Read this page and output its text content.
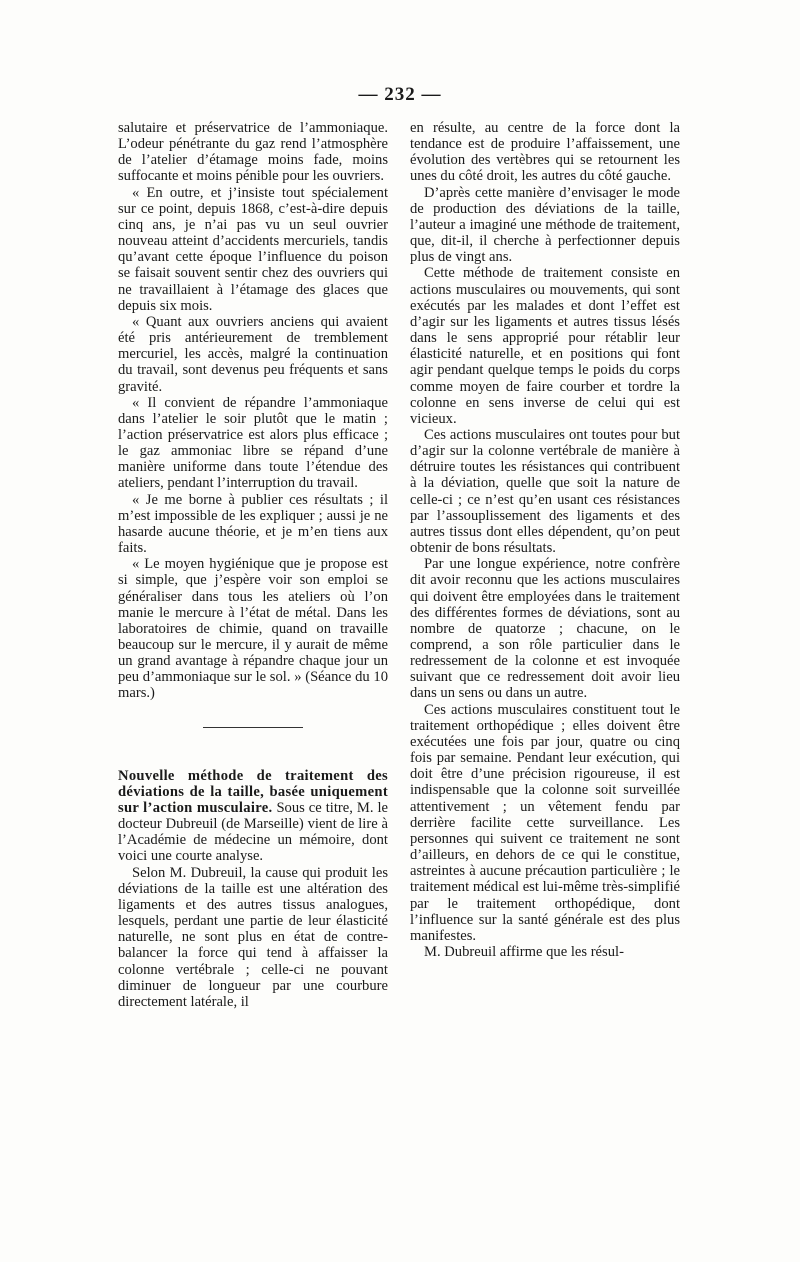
— 232 —

salutaire et préservatrice de l’ammoniaque. L’odeur pénétrante du gaz rend l’atmosphère de l’atelier d’étamage moins fade, moins suffocante et moins pénible pour les ouvriers.

« En outre, et j’insiste tout spécialement sur ce point, depuis 1868, c’est-à-dire depuis cinq ans, je n’ai pas vu un seul ouvrier nouveau atteint d’accidents mercuriels, tandis qu’avant cette époque l’influence du poison se faisait souvent sentir chez des ouvriers qui ne travaillaient à l’étamage des glaces que depuis six mois.

« Quant aux ouvriers anciens qui avaient été pris antérieurement de tremblement mercuriel, les accès, malgré la continuation du travail, sont devenus peu fréquents et sans gravité.

« Il convient de répandre l’ammoniaque dans l’atelier le soir plutôt que le matin ; l’action préservatrice est alors plus efficace ; le gaz ammoniac libre se répand d’une manière uniforme dans toute l’étendue des ateliers, pendant l’interruption du travail.

« Je me borne à publier ces résultats ; il m’est impossible de les expliquer ; aussi je ne hasarde aucune théorie, et je m’en tiens aux faits.

« Le moyen hygiénique que je propose est si simple, que j’espère voir son emploi se généraliser dans tous les ateliers où l’on manie le mercure à l’état de métal. Dans les laboratoires de chimie, quand on travaille beaucoup sur le mercure, il y aurait de même un grand avantage à répandre chaque jour un peu d’ammoniaque sur le sol. » (Séance du 10 mars.)

Nouvelle méthode de traitement des déviations de la taille, basée uniquement sur l’action musculaire. Sous ce titre, M. le docteur Dubreuil (de Marseille) vient de lire à l’Académie de médecine un mémoire, dont voici une courte analyse.

Selon M. Dubreuil, la cause qui produit les déviations de la taille est une altération des ligaments et des autres tissus analogues, lesquels, perdant une partie de leur élasticité naturelle, ne sont plus en état de contre-balancer la force qui tend à affaisser la colonne vertébrale ; celle-ci ne pouvant diminuer de longueur par une courbure directement latérale, il

en résulte, au centre de la force dont la tendance est de produire l’affaissement, une évolution des vertèbres qui se retournent les unes du côté droit, les autres du côté gauche.

D’après cette manière d’envisager le mode de production des déviations de la taille, l’auteur a imaginé une méthode de traitement, que, dit-il, il cherche à perfectionner depuis plus de vingt ans.

Cette méthode de traitement consiste en actions musculaires ou mouvements, qui sont exécutés par les malades et dont l’effet est d’agir sur les ligaments et autres tissus lésés dans le sens approprié pour rétablir leur élasticité naturelle, et en positions qui font agir pendant quelque temps le poids du corps comme moyen de faire courber et tordre la colonne en sens inverse de celui qui est vicieux.

Ces actions musculaires ont toutes pour but d’agir sur la colonne vertébrale de manière à détruire toutes les résistances qui contribuent à la déviation, quelle que soit la nature de celle-ci ; ce n’est qu’en usant ces résistances par l’assouplissement des ligaments et des autres tissus dont elles dépendent, qu’on peut obtenir de bons résultats.

Par une longue expérience, notre confrère dit avoir reconnu que les actions musculaires qui doivent être employées dans le traitement des différentes formes de déviations, sont au nombre de quatorze ; chacune, on le comprend, a son rôle particulier dans le redressement de la colonne et est invoquée suivant que ce redressement doit avoir lieu dans un sens ou dans un autre.

Ces actions musculaires constituent tout le traitement orthopédique ; elles doivent être exécutées une fois par jour, quatre ou cinq fois par semaine. Pendant leur exécution, qui doit être d’une précision rigoureuse, il est indispensable que la colonne soit surveillée attentivement ; un vêtement fendu par derrière facilite cette surveillance. Les personnes qui suivent ce traitement ne sont d’ailleurs, en dehors de ce qui le constitue, astreintes à aucune précaution particulière ; le traitement médical est lui-même très-simplifié par le traitement orthopédique, dont l’influence sur la santé générale est des plus manifestes.

M. Dubreuil affirme que les résul-
